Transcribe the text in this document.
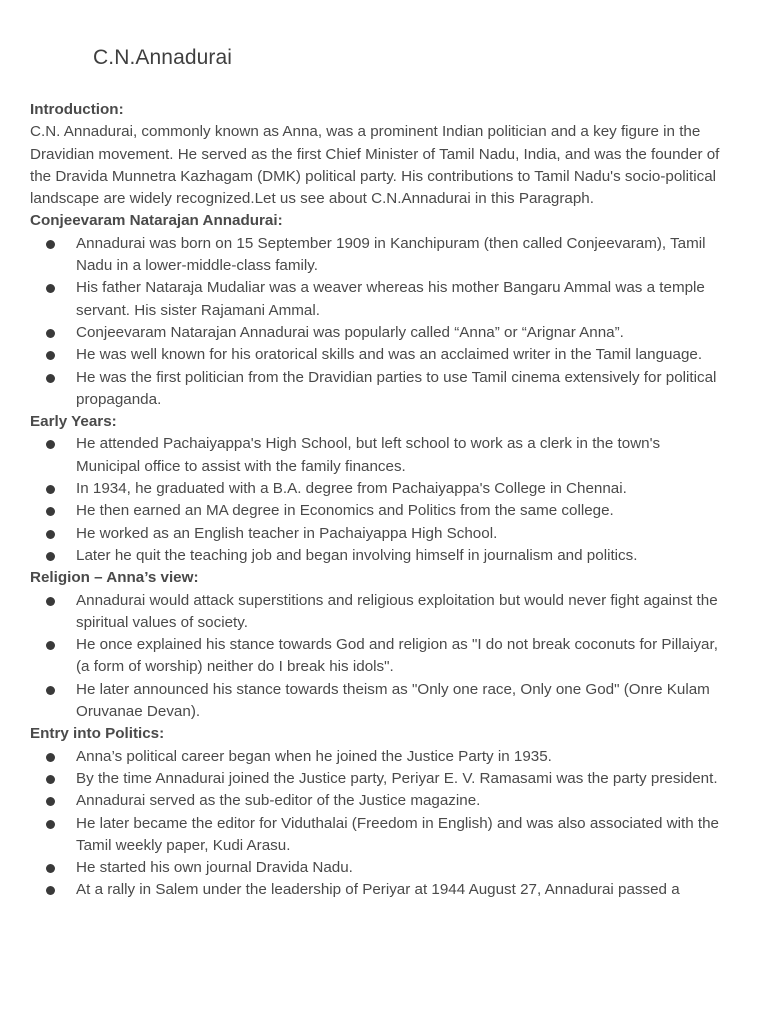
C.N.Annadurai

Introduction:

C.N. Annadurai, commonly known as Anna, was a prominent Indian politician and a key figure in the Dravidian movement. He served as the first Chief Minister of Tamil Nadu, India, and was the founder of the Dravida Munnetra Kazhagam (DMK) political party. His contributions to Tamil Nadu's socio-political landscape are widely recognized.Let us see about C.N.Annadurai in this Paragraph.

Conjeevaram Natarajan Annadurai:

Annadurai was born on 15 September 1909 in Kanchipuram (then called Conjeevaram), Tamil Nadu in a lower-middle-class family.
His father Nataraja Mudaliar was a weaver whereas his mother Bangaru Ammal was a temple servant. His sister Rajamani Ammal.
Conjeevaram Natarajan Annadurai was popularly called “Anna” or “Arignar Anna”.
He was well known for his oratorical skills and was an acclaimed writer in the Tamil language.
He was the first politician from the Dravidian parties to use Tamil cinema extensively for political propaganda.

Early Years:

He attended Pachaiyappa's High School, but left school to work as a clerk in the town's Municipal office to assist with the family finances.
In 1934, he graduated with a B.A. degree from Pachaiyappa's College in Chennai.
He then earned an MA degree in Economics and Politics from the same college.
He worked as an English teacher in Pachaiyappa High School.
Later he quit the teaching job and began involving himself in journalism and politics.

Religion – Anna’s view:

Annadurai would attack superstitions and religious exploitation but would never fight against the spiritual values of society.
He once explained his stance towards God and religion as "I do not break coconuts for Pillaiyar, (a form of worship) neither do I break his idols".
He later announced his stance towards theism as "Only one race, Only one God" (Onre Kulam Oruvanae Devan).

Entry into Politics:

Anna’s political career began when he joined the Justice Party in 1935.
By the time Annadurai joined the Justice party, Periyar E. V. Ramasami was the party president.
Annadurai served as the sub-editor of the Justice magazine.
He later became the editor for Viduthalai (Freedom in English) and was also associated with the Tamil weekly paper, Kudi Arasu.
He started his own journal Dravida Nadu.
At a rally in Salem under the leadership of Periyar at 1944 August 27, Annadurai passed a
